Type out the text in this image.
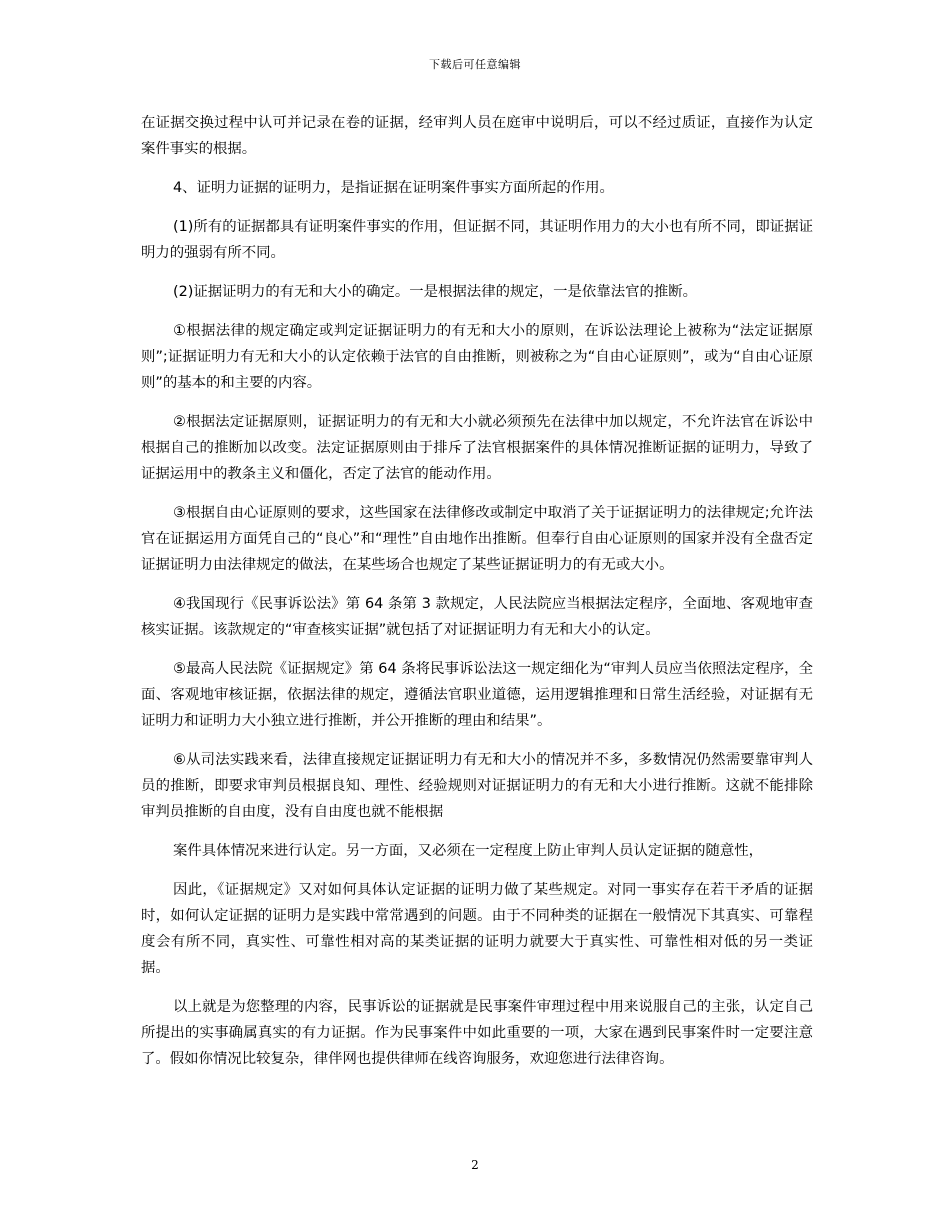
下载后可任意编辑

在证据交换过程中认可并记录在卷的证据，经审判人员在庭审中说明后，可以不经过质证，直接作为认定案件事实的根据。

4、证明力证据的证明力，是指证据在证明案件事实方面所起的作用。

(1)所有的证据都具有证明案件事实的作用，但证据不同，其证明作用力的大小也有所不同，即证据证明力的强弱有所不同。

(2)证据证明力的有无和大小的确定。一是根据法律的规定，一是依靠法官的推断。

①根据法律的规定确定或判定证据证明力的有无和大小的原则，在诉讼法理论上被称为“法定证据原则”;证据证明力有无和大小的认定依赖于法官的自由推断，则被称之为“自由心证原则”，或为“自由心证原则”的基本的和主要的内容。

②根据法定证据原则，证据证明力的有无和大小就必须预先在法律中加以规定，不允许法官在诉讼中根据自己的推断加以改变。法定证据原则由于排斥了法官根据案件的具体情况推断证据的证明力，导致了证据运用中的教条主义和僵化，否定了法官的能动作用。

③根据自由心证原则的要求，这些国家在法律修改或制定中取消了关于证据证明力的法律规定;允许法官在证据运用方面凭自己的“良心”和“理性”自由地作出推断。但奉行自由心证原则的国家并没有全盘否定证据证明力由法律规定的做法，在某些场合也规定了某些证据证明力的有无或大小。

④我国现行《民事诉讼法》第 64 条第 3 款规定，人民法院应当根据法定程序，全面地、客观地审查核实证据。该款规定的“审查核实证据”就包括了对证据证明力有无和大小的认定。

⑤最高人民法院《证据规定》第 64 条将民事诉讼法这一规定细化为“审判人员应当依照法定程序，全面、客观地审核证据，依据法律的规定，遵循法官职业道德，运用逻辑推理和日常生活经验，对证据有无证明力和证明力大小独立进行推断，并公开推断的理由和结果”。

⑥从司法实践来看，法律直接规定证据证明力有无和大小的情况并不多，多数情况仍然需要靠审判人员的推断，即要求审判员根据良知、理性、经验规则对证据证明力的有无和大小进行推断。这就不能排除审判员推断的自由度，没有自由度也就不能根据

案件具体情况来进行认定。另一方面，又必须在一定程度上防止审判人员认定证据的随意性，

因此，《证据规定》又对如何具体认定证据的证明力做了某些规定。对同一事实存在若干矛盾的证据时，如何认定证据的证明力是实践中常常遇到的问题。由于不同种类的证据在一般情况下其真实、可靠程度会有所不同，真实性、可靠性相对高的某类证据的证明力就要大于真实性、可靠性相对低的另一类证据。

以上就是为您整理的内容，民事诉讼的证据就是民事案件审理过程中用来说服自己的主张，认定自己所提出的实事确属真实的有力证据。作为民事案件中如此重要的一项，大家在遇到民事案件时一定要注意了。假如你情况比较复杂，律伴网也提供律师在线咨询服务，欢迎您进行法律咨询。

2
